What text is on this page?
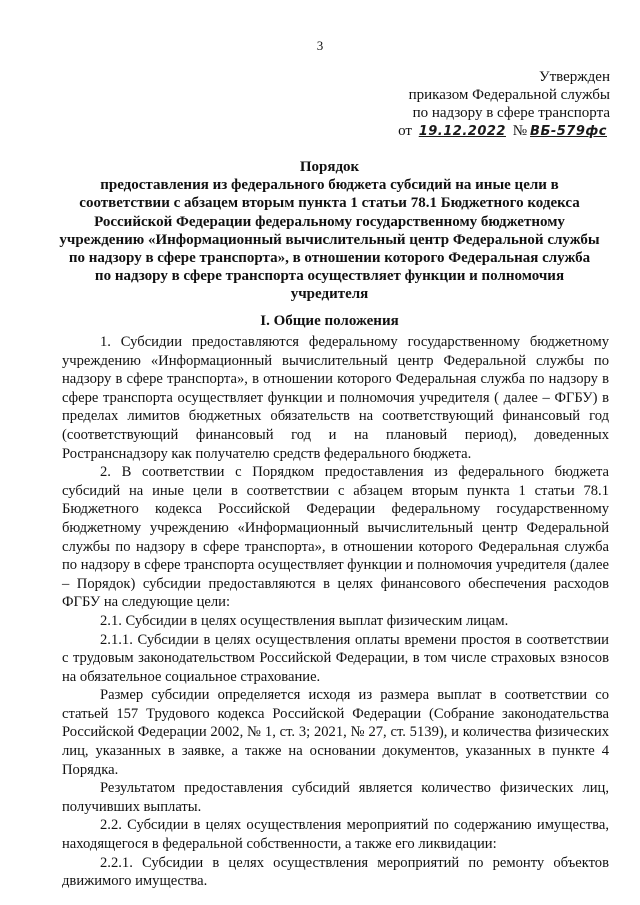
3
Утвержден
приказом Федеральной службы
по надзору в сфере транспорта
от 19.12.2022 № ВБ-579фс
Порядок
предоставления из федерального бюджета субсидий на иные цели в
соответствии с абзацем вторым пункта 1 статьи 78.1 Бюджетного кодекса
Российской Федерации федеральному государственному бюджетному
учреждению «Информационный вычислительный центр Федеральной службы
по надзору в сфере транспорта», в отношении которого Федеральная служба
по надзору в сфере транспорта осуществляет функции и полномочия
учредителя
I. Общие положения

1. Субсидии предоставляются федеральному государственному бюджетному учреждению «Информационный вычислительный центр Федеральной службы по надзору в сфере транспорта», в отношении которого Федеральная служба по надзору в сфере транспорта осуществляет функции и полномочия учредителя ( далее – ФГБУ) в пределах лимитов бюджетных обязательств на соответствующий финансовый год (соответствующий финансовый год и на плановый период), доведенных Ространснадзору как получателю средств федерального бюджета.

2. В соответствии с Порядком предоставления из федерального бюджета субсидий на иные цели в соответствии с абзацем вторым пункта 1 статьи 78.1 Бюджетного кодекса Российской Федерации федеральному государственному бюджетному учреждению «Информационный вычислительный центр Федеральной службы по надзору в сфере транспорта», в отношении которого Федеральная служба по надзору в сфере транспорта осуществляет функции и полномочия учредителя (далее – Порядок) субсидии предоставляются в целях финансового обеспечения расходов ФГБУ на следующие цели:

2.1. Субсидии в целях осуществления выплат физическим лицам.

2.1.1. Субсидии в целях осуществления оплаты времени простоя в соответствии с трудовым законодательством Российской Федерации, в том числе страховых взносов на обязательное социальное страхование.

Размер субсидии определяется исходя из размера выплат в соответствии со статьей 157 Трудового кодекса Российской Федерации (Собрание законодательства Российской Федерации 2002, № 1, ст. 3; 2021, № 27, ст. 5139), и количества физических лиц, указанных в заявке, а также на основании документов, указанных в пункте 4 Порядка.

Результатом предоставления субсидий является количество физических лиц, получивших выплаты.

2.2. Субсидии в целях осуществления мероприятий по содержанию имущества, находящегося в федеральной собственности, а также его ликвидации:

2.2.1. Субсидии в целях осуществления мероприятий по ремонту объектов движимого имущества.
